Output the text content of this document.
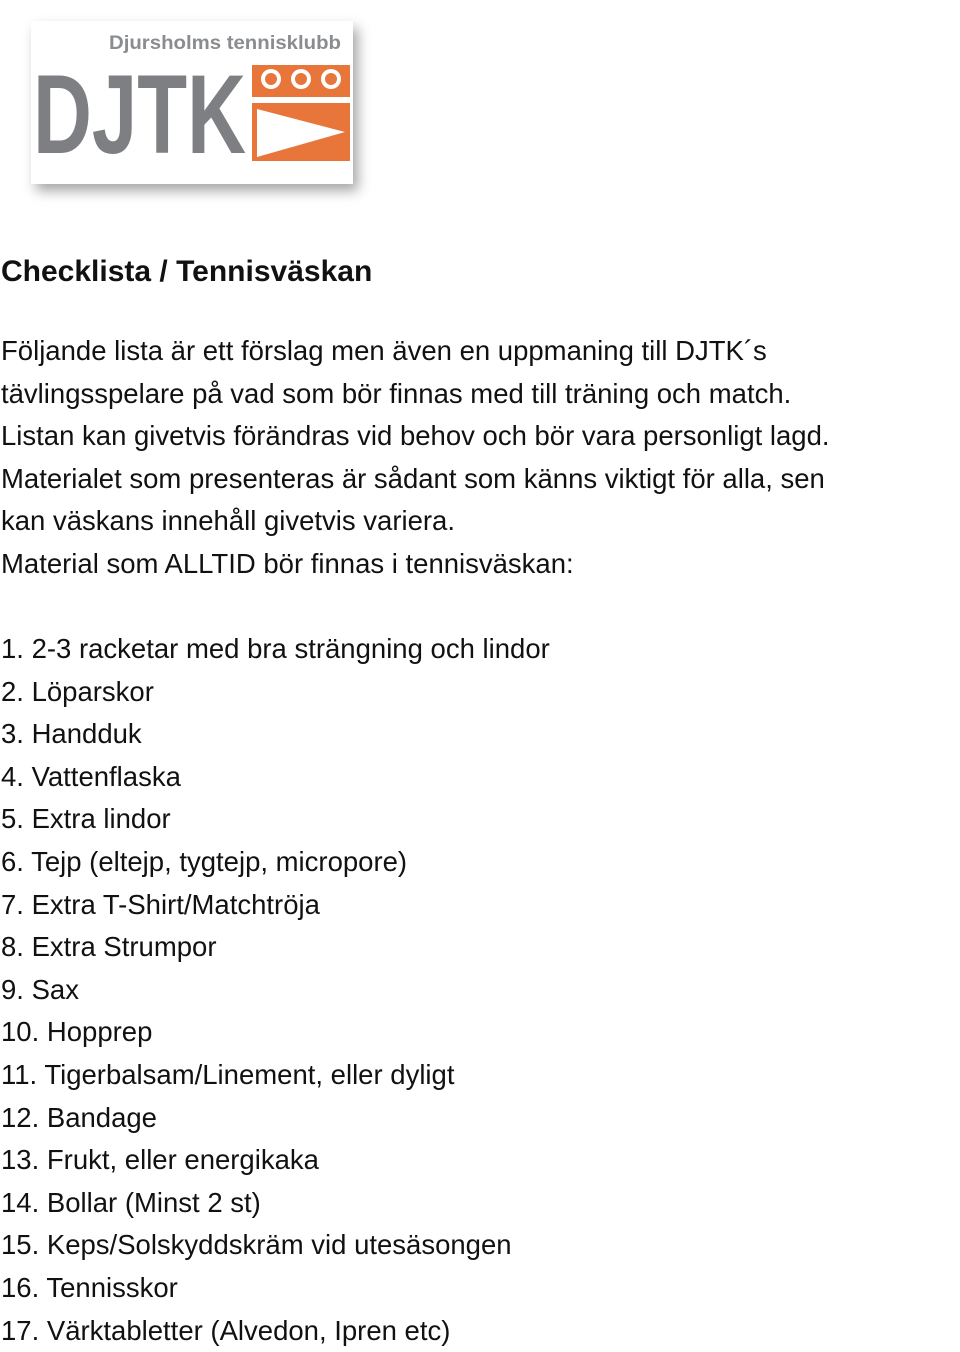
Djursholms tennisklubb
DJTK
Checklista / Tennisväskan
Följande lista är ett förslag men även en uppmaning till DJTK´s
tävlingsspelare på vad som bör finnas med till träning och match.
Listan kan givetvis förändras vid behov och bör vara personligt lagd.
Materialet som presenteras är sådant som känns viktigt för alla, sen
kan väskans innehåll givetvis variera.
Material som ALLTID bör finnas i tennisväskan:
1. 2-3 racketar med bra strängning och lindor
2. Löparskor
3. Handduk
4. Vattenflaska
5. Extra lindor
6. Tejp (eltejp, tygtejp, micropore)
7. Extra T-Shirt/Matchtröja
8. Extra Strumpor
9. Sax
10. Hopprep
11. Tigerbalsam/Linement, eller dyligt
12. Bandage
13. Frukt, eller energikaka
14. Bollar (Minst 2 st)
15. Keps/Solskyddskräm vid utesäsongen
16. Tennisskor
17. Värktabletter (Alvedon, Ipren etc)
